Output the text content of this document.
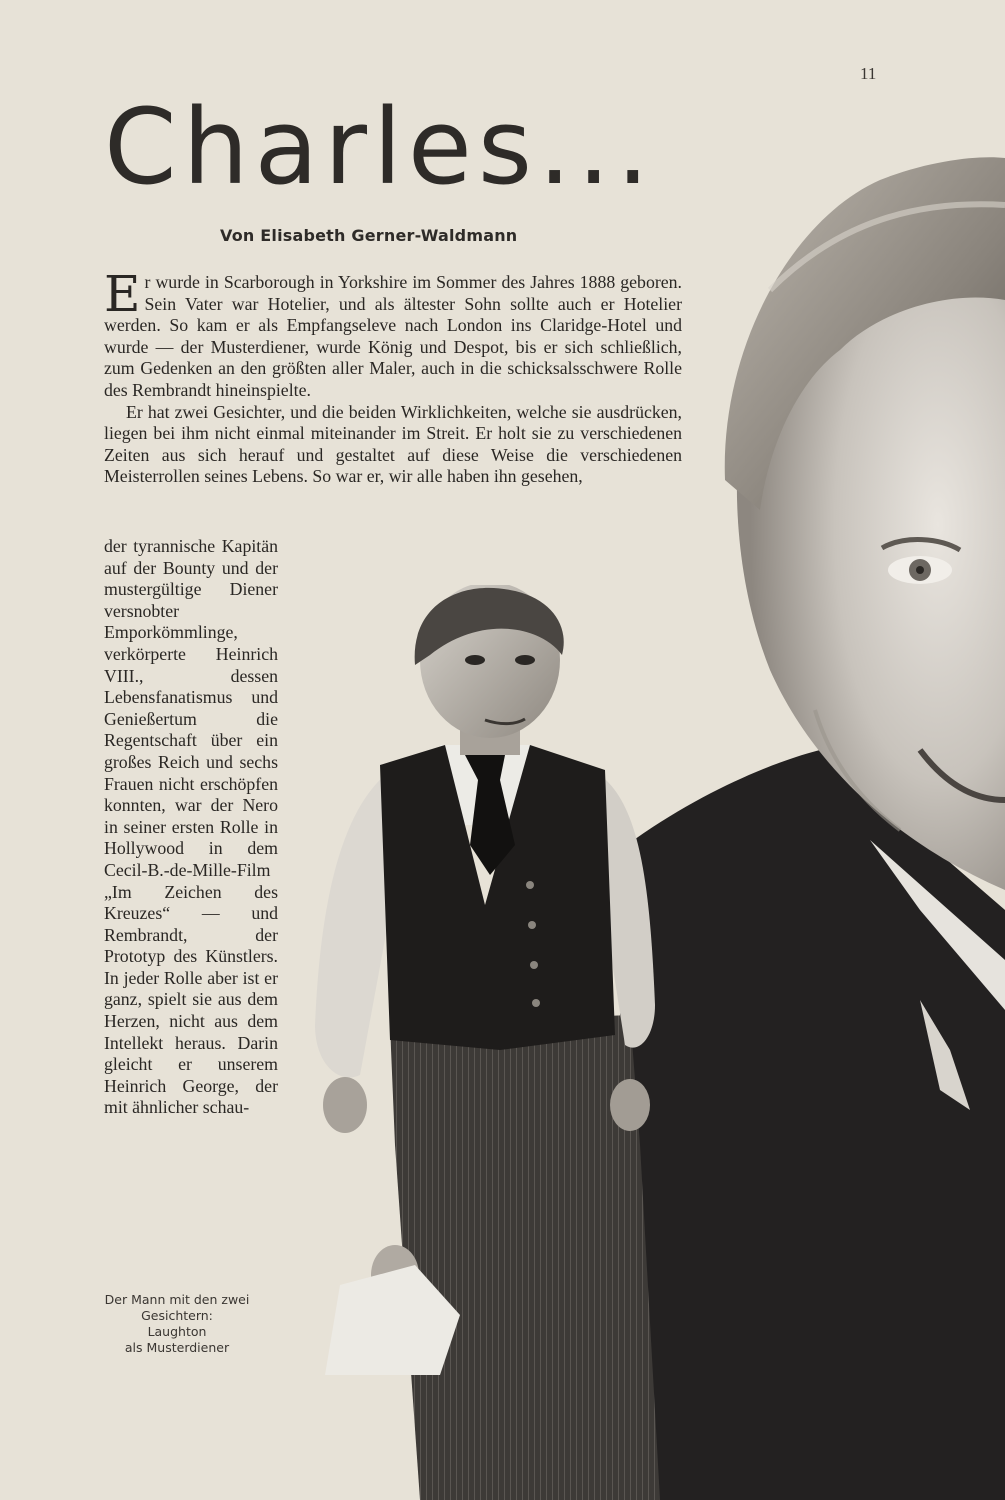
11
Charles...
Von Elisabeth Gerner-Waldmann

Er wurde in Scarborough in Yorkshire im Sommer des Jahres 1888 geboren. Sein Vater war Hotelier, und als ältester Sohn sollte auch er Hotelier werden. So kam er als Empfangseleve nach London ins Claridge-Hotel und wurde — der Musterdiener, wurde König und Despot, bis er sich schließlich, zum Gedenken an den größten aller Maler, auch in die schicksalsschwere Rolle des Rembrandt hineinspielte.

Er hat zwei Gesichter, und die beiden Wirklichkeiten, welche sie ausdrücken, liegen bei ihm nicht einmal miteinander im Streit. Er holt sie zu verschiedenen Zeiten aus sich herauf und gestaltet auf diese Weise die verschiedenen Meisterrollen seines Lebens. So war er, wir alle haben ihn gesehen,

der tyrannische Kapitän auf der Bounty und der mustergültige Diener versnobter Emporkömmlinge, verkörperte Heinrich VIII., dessen Lebensfanatismus und Genießertum die Regentschaft über ein großes Reich und sechs Frauen nicht erschöpfen konnten, war der Nero in seiner ersten Rolle in Hollywood in dem Cecil-B.-de-Mille-Film „Im Zeichen des Kreuzes“ — und Rembrandt, der Prototyp des Künstlers. In jeder Rolle aber ist er ganz, spielt sie aus dem Herzen, nicht aus dem Intellekt heraus. Darin gleicht er unserem Heinrich George, der mit ähnlicher schau-

Der Mann mit den zwei Gesichtern:

Laughton

als Musterdiener
